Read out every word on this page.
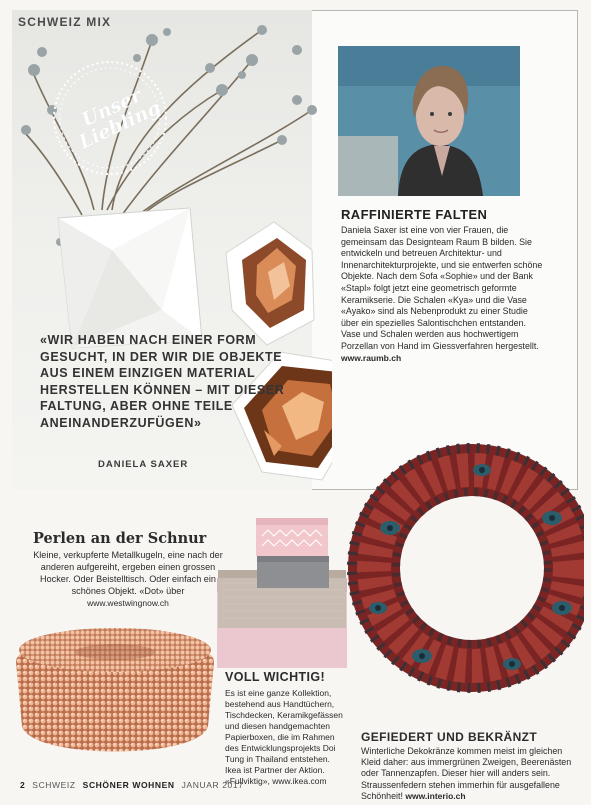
SCHWEIZ MIX
Unser Liebling
«WIR HABEN NACH EINER FORM GESUCHT, IN DER WIR DIE OBJEKTE AUS EINEM EINZIGEN MATERIAL HERSTELLEN KÖNNEN – MIT DIESER FALTUNG, ABER OHNE TEILE ANEINANDERZUFÜGEN»
DANIELA SAXER
RAFFINIERTE FALTEN
Daniela Saxer ist eine von vier Frauen, die gemeinsam das Designteam Raum B bilden. Sie entwickeln und betreuen Architektur- und Innenarchitekturprojekte, und sie entwerfen schöne Objekte. Nach dem Sofa «Sophie» und der Bank «Stapl» folgt jetzt eine geometrisch geformte Keramikserie. Die Schalen «Kya» und die Vase «Ayako» sind als Nebenprodukt zu einer Studie über ein spezielles Salontischchen entstanden. Vase und Schalen werden aus hochwertigem Porzellan von Hand im Giessverfahren hergestellt. www.raumb.ch
Perlen an der Schnur
Kleine, verkupferte Metallkugeln, eine nach der anderen aufgereiht, ergeben einen grossen Hocker. Oder Beistelltisch. Oder einfach ein schönes Objekt. «Dot» über www.westwingnow.ch
VOLL WICHTIG!
Es ist eine ganze Kollektion, bestehend aus Handtüchern, Tischdecken, Keramikgefässen und diesen handgemachten Papierboxen, die im Rahmen des Entwicklungsprojekts Doi Tung in Thailand entstehen. Ikea ist Partner der Aktion. «Fullviktig», www.ikea.com
GEFIEDERT UND BEKRÄNZT
Winterliche Dekokränze kommen meist im gleichen Kleid daher: aus immergrünen Zweigen, Beerenästen oder Tannenzapfen. Dieser hier will anders sein. Straussenfedern stehen immerhin für ausgefallene Schönheit! www.interio.ch
2 SCHWEIZ SCHÖNER WOHNEN JANUAR 2017
